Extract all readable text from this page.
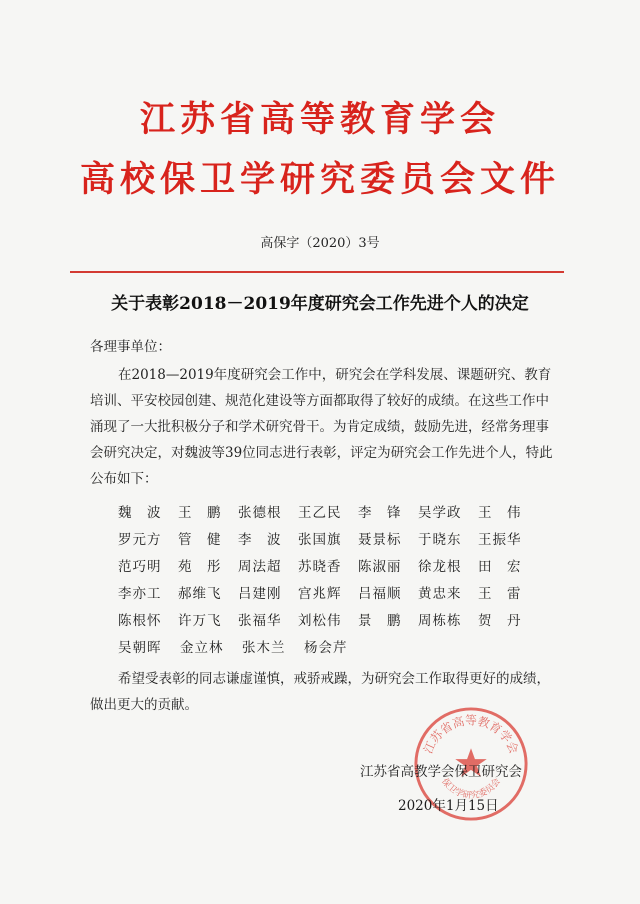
江苏省高等教育学会
高校保卫学研究委员会文件
高保字（2020）3号
关于表彰2018－2019年度研究会工作先进个人的决定
各理事单位：
在2018—2019年度研究会工作中，研究会在学科发展、课题研究、教育培训、平安校园创建、规范化建设等方面都取得了较好的成绩。在这些工作中涌现了一大批积极分子和学术研究骨干。为肯定成绩，鼓励先进，经常务理事会研究决定，对魏波等39位同志进行表彰，评定为研究会工作先进个人，特此公布如下：
魏　波	王　鹏	张德根	王乙民	李　锋	吴学政	王　伟
罗元方	管　健	李　波	张国旗	聂景标	于晓东	王振华
范巧明	苑　彤	周法超	苏晓香	陈淑丽	徐龙根	田　宏
李亦工	郝维飞	吕建刚	宫兆辉	吕福顺	黄忠来	王　雷
陈根怀	许万飞	张福华	刘松伟	景　鹏	周栋栋	贺　丹
吴朝晖	金立林	张木兰	杨会芹
希望受表彰的同志谦虚谨慎，戒骄戒躁，为研究会工作取得更好的成绩，做出更大的贡献。
江苏省高等教育学会
保卫学研究委员会
江苏省高教学会保卫研究会
2020年1月15日
